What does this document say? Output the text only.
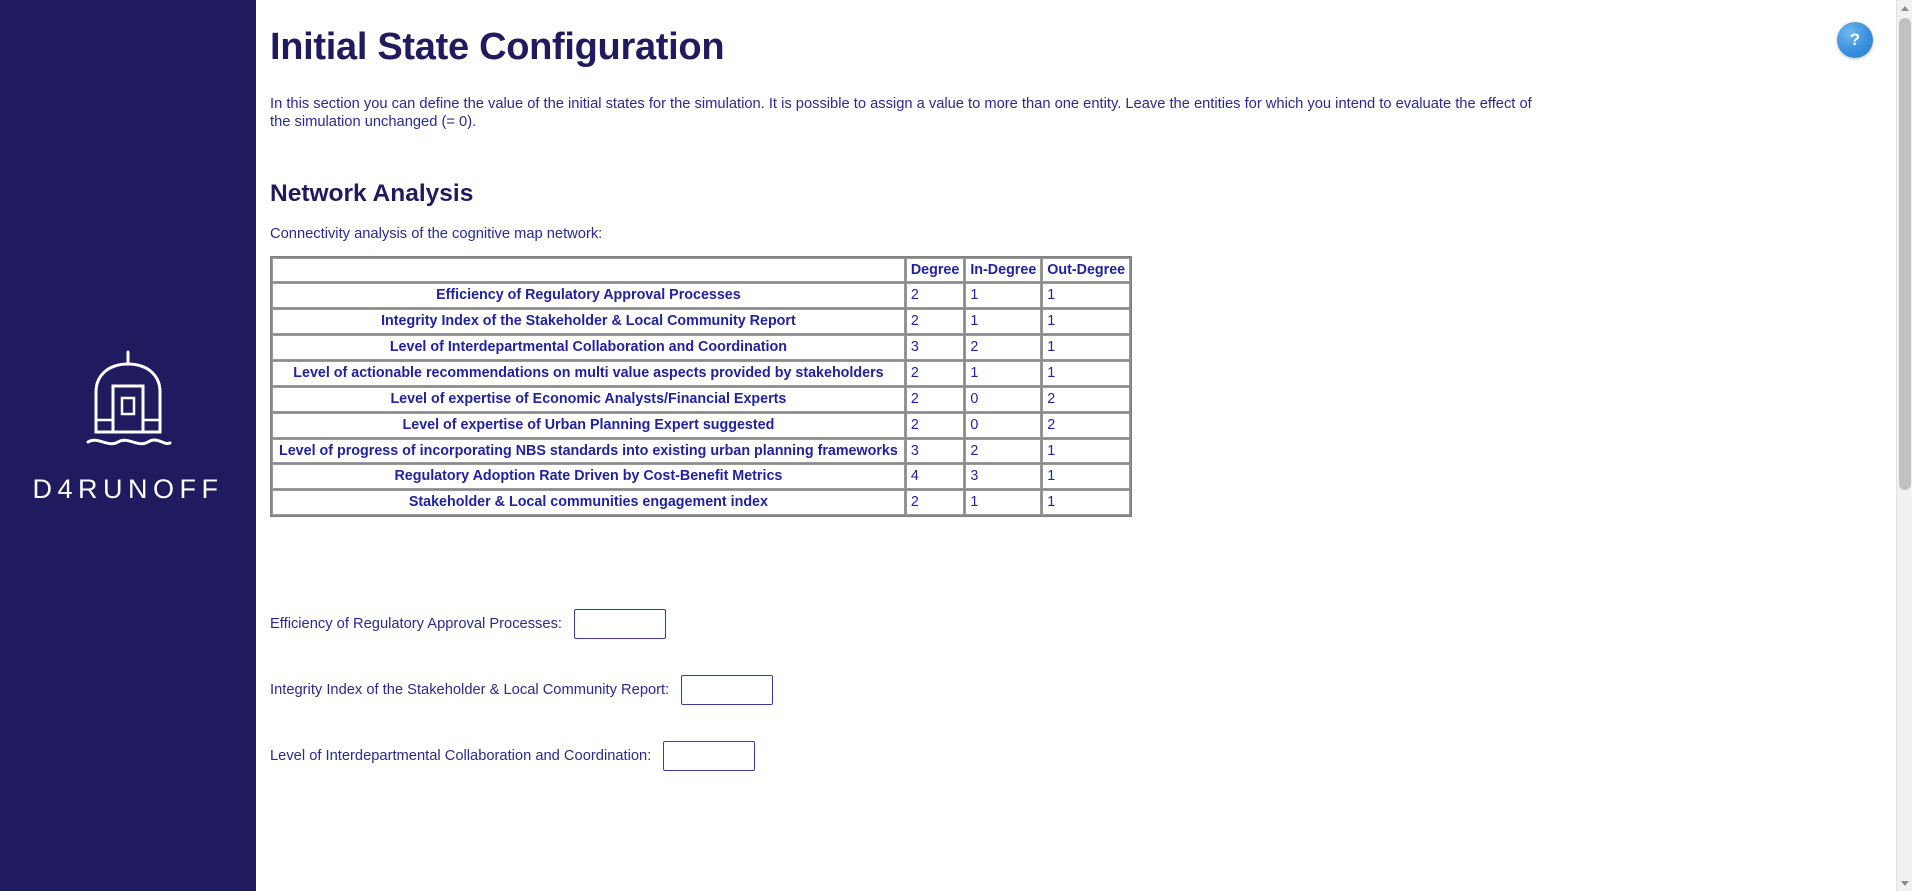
D4RUNOFF
?
Initial State Configuration

In this section you can define the value of the initial states for the simulation. It is possible to assign a value to more than one entity. Leave the entities for which you intend to evaluate the effect of the simulation unchanged (= 0).

Network Analysis

Connectivity analysis of the cognitive map network:

	Degree	In-Degree	Out-Degree
Efficiency of Regulatory Approval Processes	2	1	1
Integrity Index of the Stakeholder & Local Community Report	2	1	1
Level of Interdepartmental Collaboration and Coordination	3	2	1
Level of actionable recommendations on multi value aspects provided by stakeholders	2	1	1
Level of expertise of Economic Analysts/Financial Experts	2	0	2
Level of expertise of Urban Planning Expert suggested	2	0	2
Level of progress of incorporating NBS standards into existing urban planning frameworks	3	2	1
Regulatory Adoption Rate Driven by Cost-Benefit Metrics	4	3	1
Stakeholder & Local communities engagement index	2	1	1
Efficiency of Regulatory Approval Processes:
Integrity Index of the Stakeholder & Local Community Report:
Level of Interdepartmental Collaboration and Coordination:
